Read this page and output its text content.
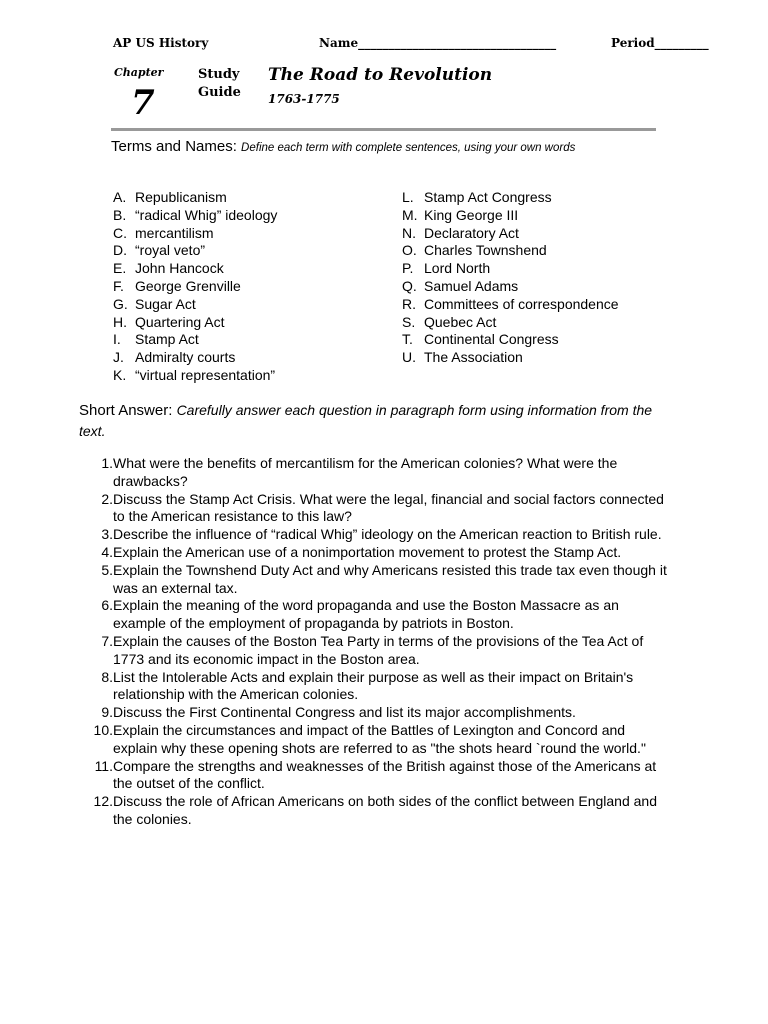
AP US History	Name_________________________________	Period_________
Chapter
7
Study
Guide
The Road to Revolution
1763-1775
Terms and Names: Define each term with complete sentences, using your own words
A. Republicanism
B. “radical Whig” ideology
C. mercantilism
D. “royal veto”
E. John Hancock
F. George Grenville
G. Sugar Act
H. Quartering Act
I.	Stamp Act
J. Admiralty courts
K. “virtual representation”
L. Stamp Act Congress
M. King George III
N. Declaratory Act
O. Charles Townshend
P. Lord North
Q. Samuel Adams
R. Committees of correspondence
S. Quebec Act
T. Continental Congress
U. The Association
Short Answer: Carefully answer each question in paragraph form using information from the text.
1. What were the benefits of mercantilism for the American colonies? What were the drawbacks?
2. Discuss the Stamp Act Crisis. What were the legal, financial and social factors connected to the American resistance to this law?
3. Describe the influence of “radical Whig” ideology on the American reaction to British rule.
4. Explain the American use of a nonimportation movement to protest the Stamp Act.
5. Explain the Townshend Duty Act and why Americans resisted this trade tax even though it was an external tax.
6. Explain the meaning of the word propaganda and use the Boston Massacre as an example of the employment of propaganda by patriots in Boston.
7. Explain the causes of the Boston Tea Party in terms of the provisions of the Tea Act of 1773 and its economic impact in the Boston area.
8. List the Intolerable Acts and explain their purpose as well as their impact on Britain's relationship with the American colonies.
9. Discuss the First Continental Congress and list its major accomplishments.
10. Explain the circumstances and impact of the Battles of Lexington and Concord and explain why these opening shots are referred to as "the shots heard `round the world."
11. Compare the strengths and weaknesses of the British against those of the Americans at the outset of the conflict.
12. Discuss the role of African Americans on both sides of the conflict between England and the colonies.
